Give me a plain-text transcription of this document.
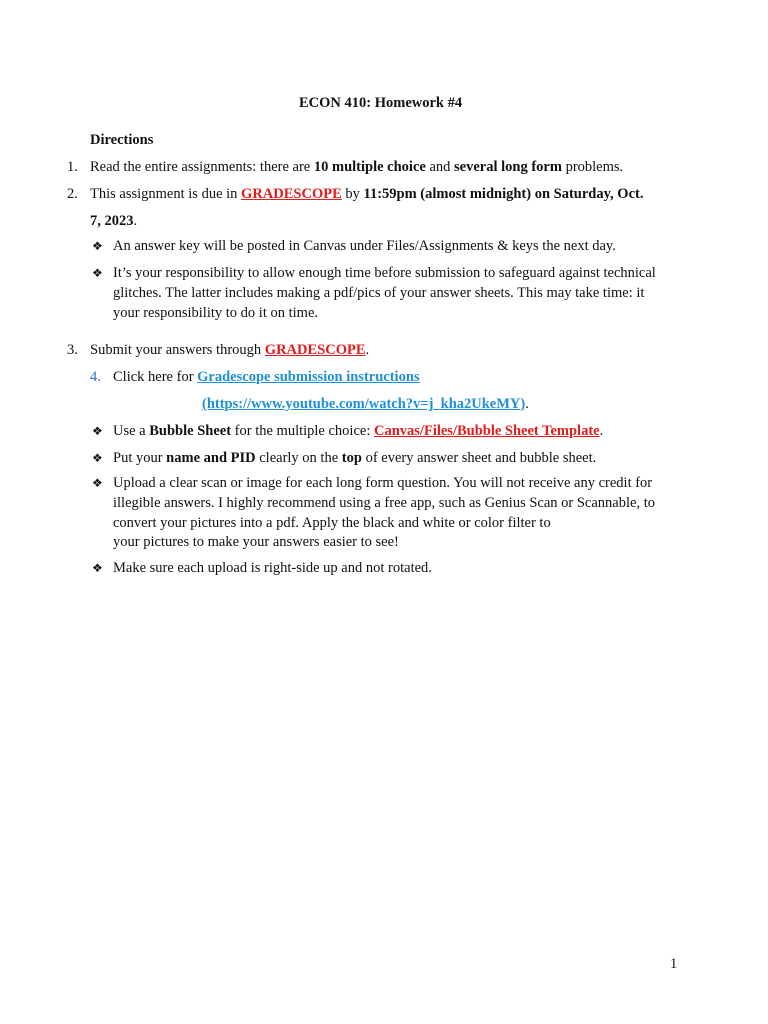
ECON 410: Homework #4
Directions
1. Read the entire assignments: there are 10 multiple choice and several long form problems.
2. This assignment is due in GRADESCOPE by 11:59pm (almost midnight) on Saturday, Oct.
7, 2023.
❖ An answer key will be posted in Canvas under Files/Assignments & keys the next day.
❖ It’s your responsibility to allow enough time before submission to safeguard against technical
glitches. The latter includes making a pdf/pics of your answer sheets. This may take time: it
your responsibility to do it on time.
3. Submit your answers through GRADESCOPE.
4. Click here for Gradescope submission instructions
(https://www.youtube.com/watch?v=j_kha2UkeMY).
❖ Use a Bubble Sheet for the multiple choice: Canvas/Files/Bubble Sheet Template.
❖ Put your name and PID clearly on the top of every answer sheet and bubble sheet.
❖ Upload a clear scan or image for each long form question. You will not receive any credit for
illegible answers. I highly recommend using a free app, such as Genius Scan or Scannable, to
convert your pictures into a pdf. Apply the black and white or color filter to
your pictures to make your answers easier to see!
❖ Make sure each upload is right-side up and not rotated.
1
